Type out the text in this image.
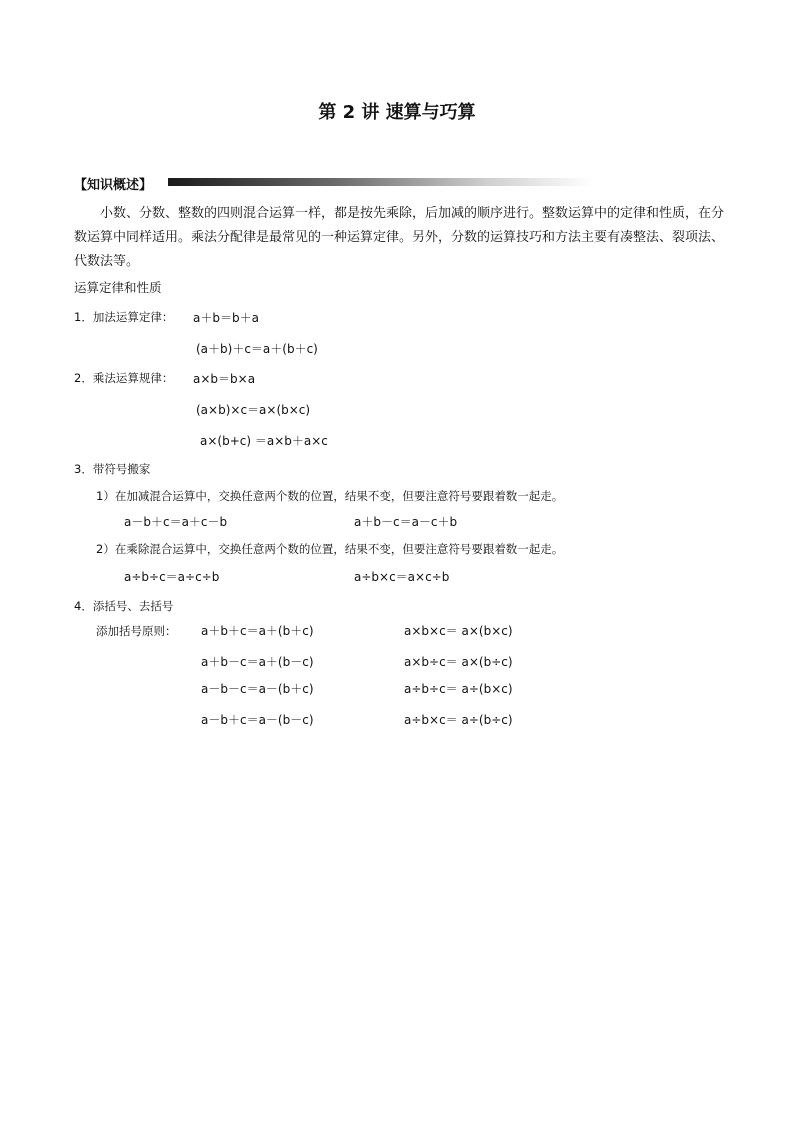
第 2 讲 速算与巧算
【知识概述】
小数、分数、整数的四则混合运算一样，都是按先乘除，后加减的顺序进行。整数运算中的定律和性质，在分数运算中同样适用。乘法分配律是最常见的一种运算定律。另外，分数的运算技巧和方法主要有凑整法、裂项法、代数法等。
运算定律和性质
1．加法运算定律： a＋b＝b＋a
(a＋b)＋c＝a＋(b＋c)
2．乘法运算规律： a×b＝b×a
(a×b)×c＝a×(b×c)
a×(b+c) ＝a×b＋a×c
3．带符号搬家
1）在加减混合运算中，交换任意两个数的位置，结果不变，但要注意符号要跟着数一起走。
a－b＋c＝a＋c－b	a＋b－c＝a－c＋b
2）在乘除混合运算中，交换任意两个数的位置，结果不变，但要注意符号要跟着数一起走。
a÷b÷c＝a÷c÷b	a÷b×c＝a×c÷b
4．添括号、去括号
添加括号原则： a＋b＋c＝a＋(b＋c)
a＋b－c＝a＋(b－c)
a－b－c＝a－(b＋c)
a－b＋c＝a－(b－c)
a×b×c＝ a×(b×c)
a×b÷c＝ a×(b÷c)
a÷b÷c＝ a÷(b×c)
a÷b×c＝ a÷(b÷c)
